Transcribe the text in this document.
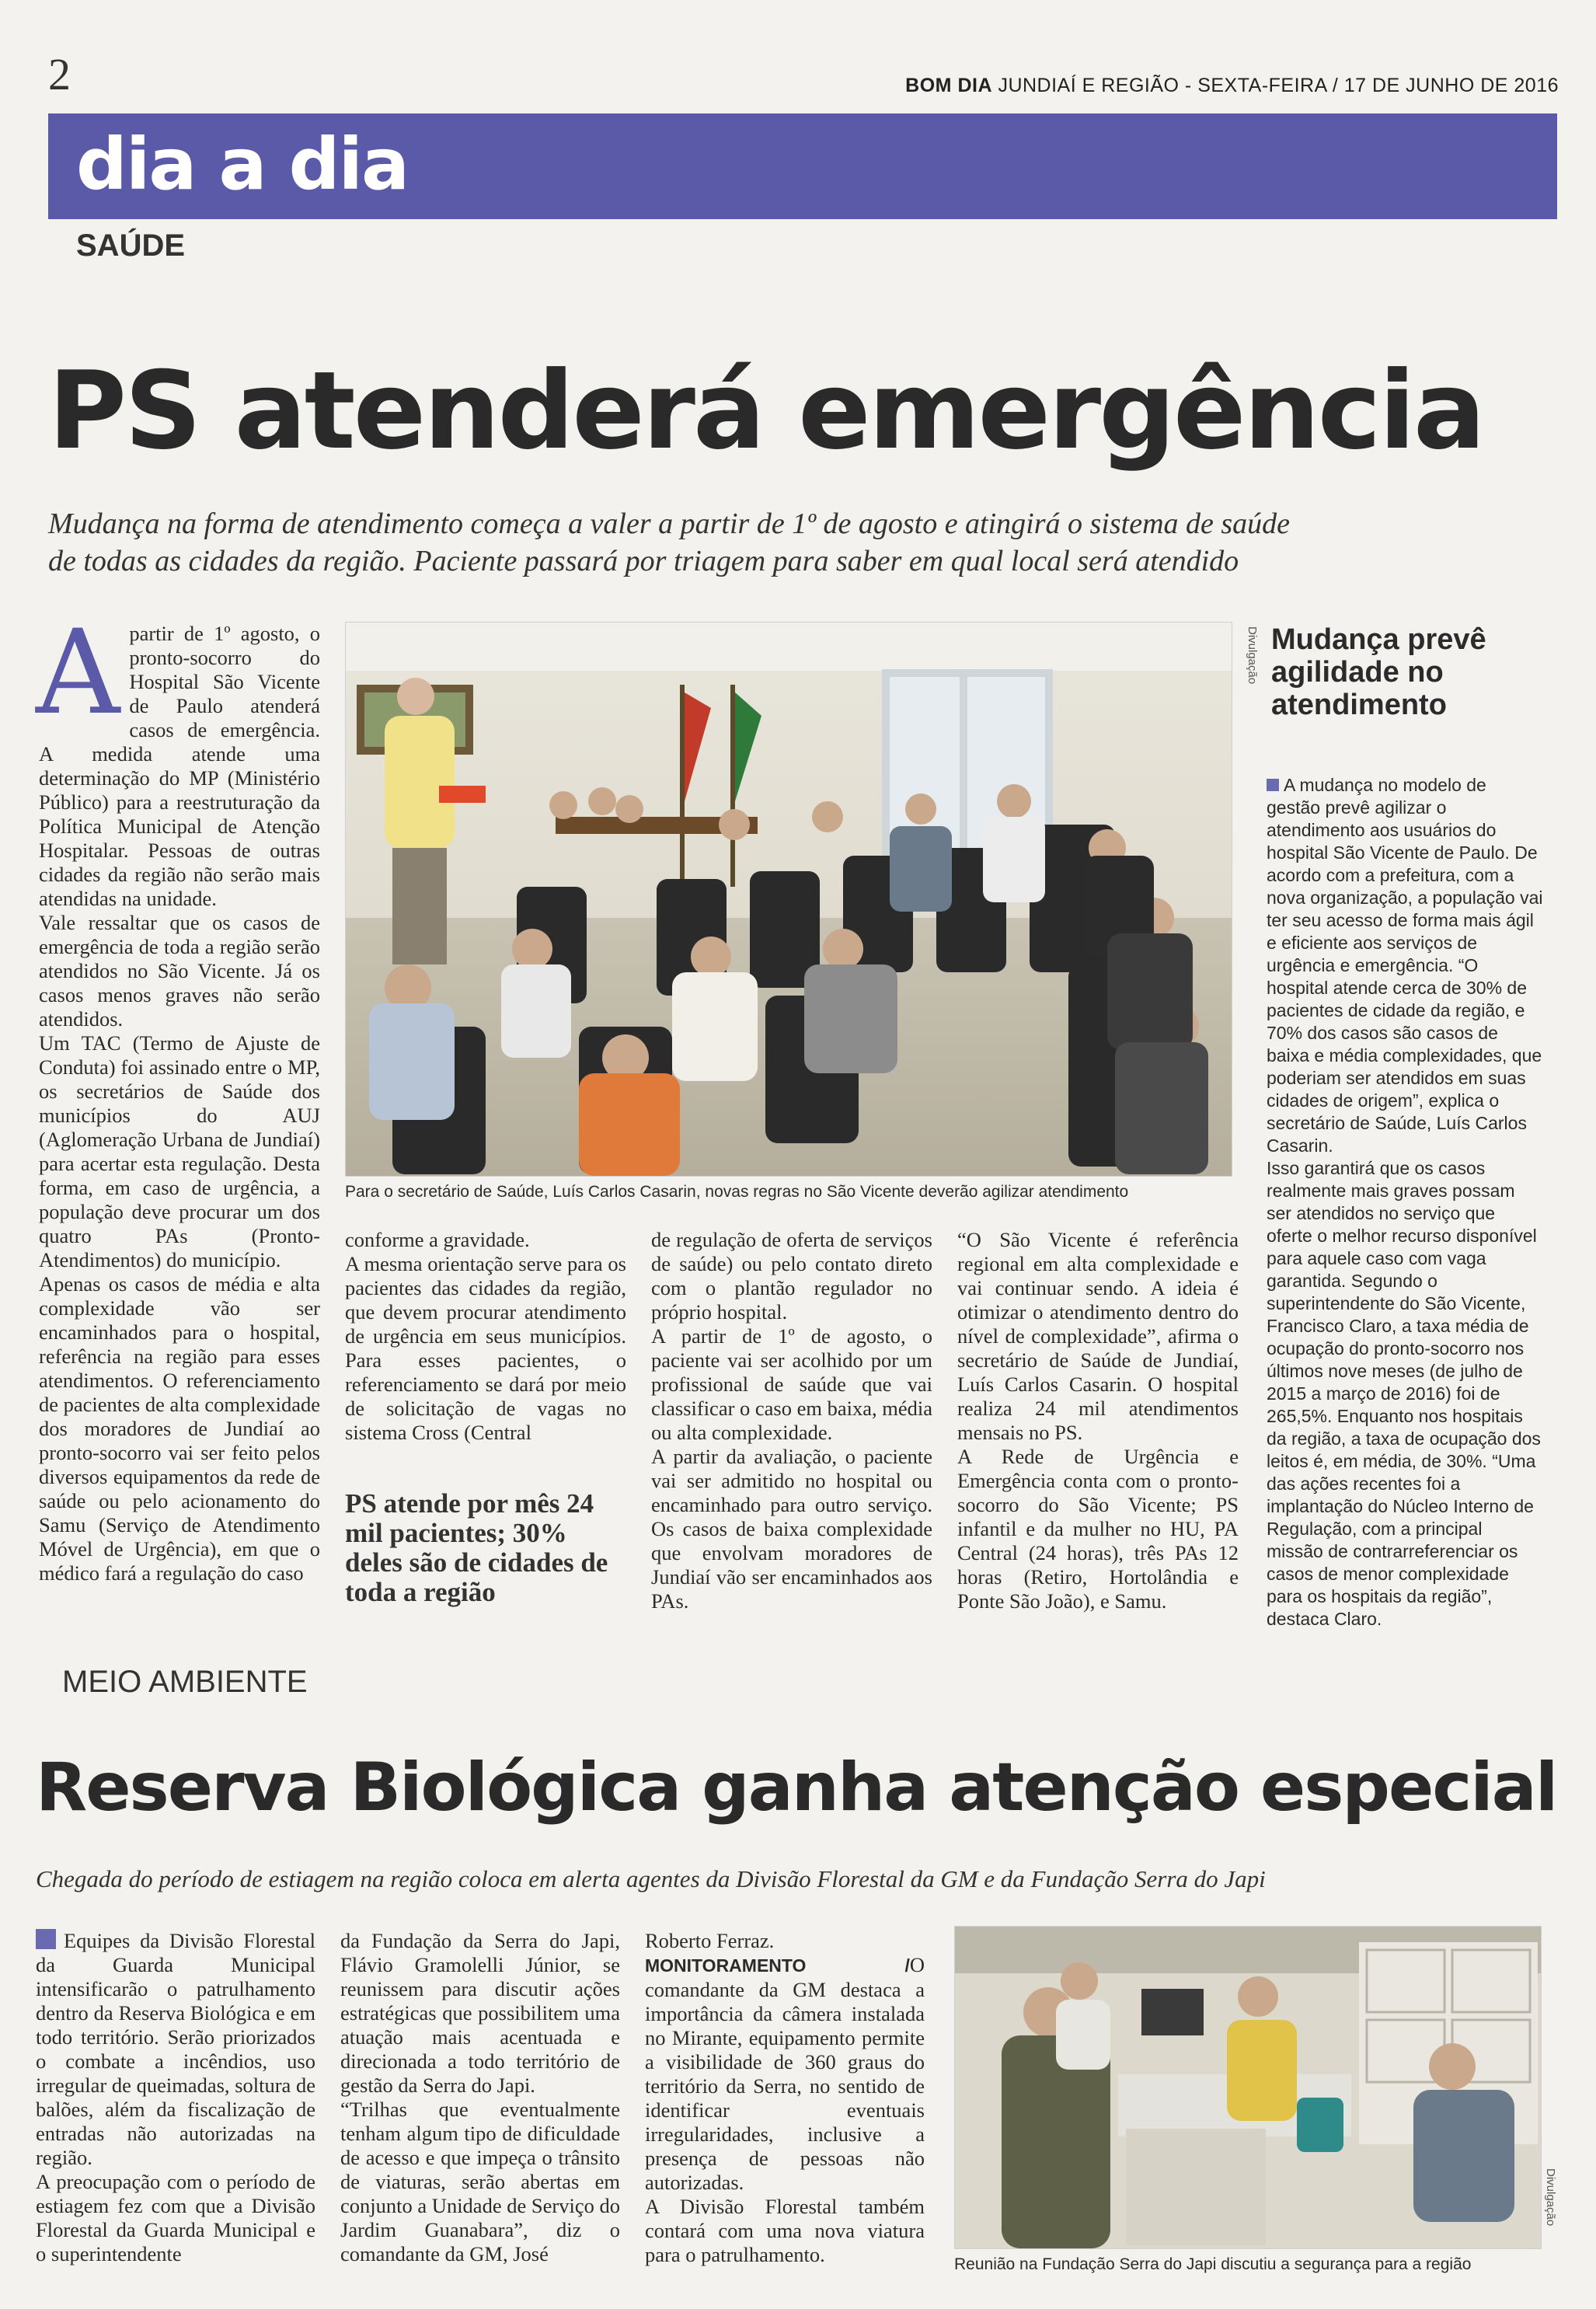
2	BOM DIA JUNDIAÍ E REGIÃO - SEXTA-FEIRA / 17 DE JUNHO DE 2016
dia a dia
SAÚDE
PS atenderá emergência
Mudança na forma de atendimento começa a valer a partir de 1º de agosto e atingirá o sistema de saúde
de todas as cidades da região. Paciente passará por triagem para saber em qual local será atendido
A partir de 1º agosto, o pronto-socorro do Hospital São Vicente de Paulo atenderá casos de emergência. A medida atende uma determinação do MP (Ministério Público) para a reestruturação da Política Municipal de Atenção Hospitalar. Pessoas de outras cidades da região não serão mais atendidas na unidade.

Vale ressaltar que os casos de emergência de toda a região serão atendidos no São Vicente. Já os casos menos graves não serão atendidos.

Um TAC (Termo de Ajuste de Conduta) foi assinado entre o MP, os secretários de Saúde dos municípios do AUJ (Aglomeração Urbana de Jundiaí) para acertar esta regulação. Desta forma, em caso de urgência, a população deve procurar um dos quatro PAs (Pronto-Atendimentos) do município.

Apenas os casos de média e alta complexidade vão ser encaminhados para o hospital, referência na região para esses atendimentos. O referenciamento de pacientes de alta complexidade dos moradores de Jundiaí ao pronto-socorro vai ser feito pelos diversos equipamentos da rede de saúde ou pelo acionamento do Samu (Serviço de Atendimento Móvel de Urgência), em que o médico fará a regulação do caso

Divulgação
Para o secretário de Saúde, Luís Carlos Casarin, novas regras no São Vicente deverão agilizar atendimento

conforme a gravidade.

A mesma orientação serve para os pacientes das cidades da região, que devem procurar atendimento de urgência em seus municípios. Para esses pacientes, o referenciamento se dará por meio de solicitação de vagas no sistema Cross (Central

PS atende por mês 24 mil pacientes; 30% deles são de cidades de toda a região

de regulação de oferta de serviços de saúde) ou pelo contato direto com o plantão regulador no próprio hospital.

A partir de 1º de agosto, o paciente vai ser acolhido por um profissional de saúde que vai classificar o caso em baixa, média ou alta complexidade.

A partir da avaliação, o paciente vai ser admitido no hospital ou encaminhado para outro serviço. Os casos de baixa complexidade que envolvam moradores de Jundiaí vão ser encaminhados aos PAs.

“O São Vicente é referência regional em alta complexidade e vai continuar sendo. A ideia é otimizar o atendimento dentro do nível de complexidade”, afirma o secretário de Saúde de Jundiaí, Luís Carlos Casarin. O hospital realiza 24 mil atendimentos mensais no PS.

A Rede de Urgência e Emergência conta com o pronto-socorro do São Vicente; PS infantil e da mulher no HU, PA Central (24 horas), três PAs 12 horas (Retiro, Hortolândia e Ponte São João), e Samu.

Mudança prevê agilidade no atendimento

A mudança no modelo de gestão prevê agilizar o atendimento aos usuários do hospital São Vicente de Paulo. De acordo com a prefeitura, com a nova organização, a população vai ter seu acesso de forma mais ágil e eficiente aos serviços de urgência e emergência. “O hospital atende cerca de 30% de pacientes de cidade da região, e 70% dos casos são casos de baixa e média complexidades, que poderiam ser atendidos em suas cidades de origem”, explica o secretário de Saúde, Luís Carlos Casarin.

Isso garantirá que os casos realmente mais graves possam ser atendidos no serviço que oferte o melhor recurso disponível para aquele caso com vaga garantida. Segundo o superintendente do São Vicente, Francisco Claro, a taxa média de ocupação do pronto-socorro nos últimos nove meses (de julho de 2015 a março de 2016) foi de 265,5%. Enquanto nos hospitais da região, a taxa de ocupação dos leitos é, em média, de 30%. “Uma das ações recentes foi a implantação do Núcleo Interno de Regulação, com a principal missão de contrarreferenciar os casos de menor complexidade para os hospitais da região”, destaca Claro.

MEIO AMBIENTE
Reserva Biológica ganha atenção especial
Chegada do período de estiagem na região coloca em alerta agentes da Divisão Florestal da GM e da Fundação Serra do Japi

Equipes da Divisão Florestal da Guarda Municipal intensificarão o patrulhamento dentro da Reserva Biológica e em todo território. Serão priorizados o combate a incêndios, uso irregular de queimadas, soltura de balões, além da fiscalização de entradas não autorizadas na região.

A preocupação com o período de estiagem fez com que a Divisão Florestal da Guarda Municipal e o superintendente

da Fundação da Serra do Japi, Flávio Gramolelli Júnior, se reunissem para discutir ações estratégicas que possibilitem uma atuação mais acentuada e direcionada a todo território de gestão da Serra do Japi.

“Trilhas que eventualmente tenham algum tipo de dificuldade de acesso e que impeça o trânsito de viaturas, serão abertas em conjunto a Unidade de Serviço do Jardim Guanabara”, diz o comandante da GM, José

Roberto Ferraz.

MONITORAMENTO /O comandante da GM destaca a importância da câmera instalada no Mirante, equipamento permite a visibilidade de 360 graus do território da Serra, no sentido de identificar eventuais irregularidades, inclusive a presença de pessoas não autorizadas.

A Divisão Florestal também contará com uma nova viatura para o patrulhamento.

Divulgação
Reunião na Fundação Serra do Japi discutiu a segurança para a região
